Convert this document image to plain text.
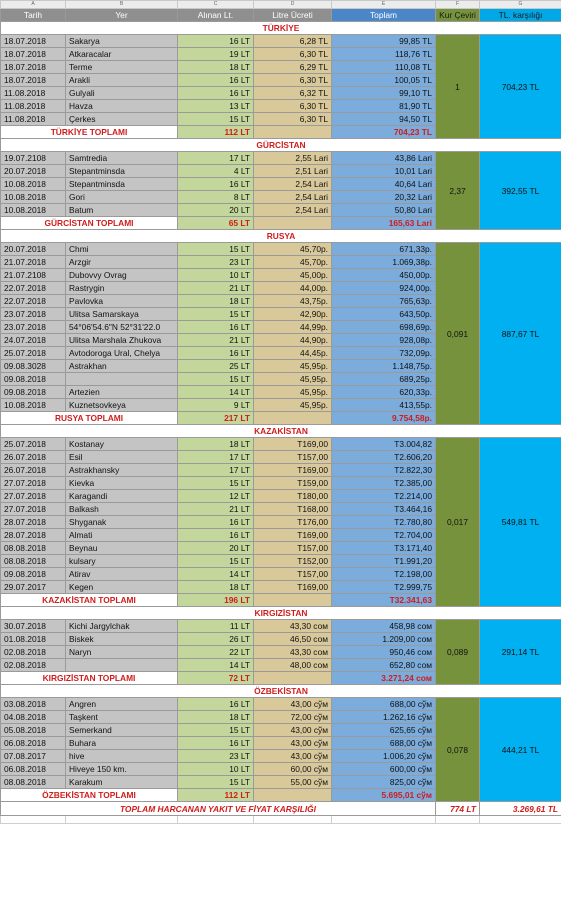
A	B	C	D	E	F	G
Tarih	Yer	Alınan Lt.	Litre Ücreti	Toplam	Kur Çeviri	TL. karşılığı
TÜRKİYE						
18.07.2018	Sakarya	16 LT	6,28 TL	99,85 TL	1	704,23 TL
18.07.2018	Atkaracalar	19 LT	6,30 TL	118,76 TL		
18.07.2018	Terme	18 LT	6,29 TL	110,08 TL		
18.07.2018	Arakli	16 LT	6,30 TL	100,05 TL		
11.08.2018	Gulyali	16 LT	6,32 TL	99,10 TL		
11.08.2018	Havza	13 LT	6,30 TL	81,90 TL		
11.08.2018	Çerkes	15 LT	6,30 TL	94,50 TL		
TÜRKİYE TOPLAMI		112 LT		704,23 TL		
GÜRCİSTAN						
19.07.2108	Samtredia	17 LT	2,55 Lari	43,86 Lari	2,37	392,55 TL
20.07.2018	Stepantminsda	4 LT	2,51 Lari	10,01 Lari		
10.08.2018	Stepantminsda	16 LT	2,54 Lari	40,64 Lari		
10.08.2018	Gori	8 LT	2,54 Lari	20,32 Lari		
10.08.2018	Batum	20 LT	2,54 Lari	50,80 Lari		
GÜRCİSTAN TOPLAMI		65 LT		165,63 Lari		
RUSYA						
20.07.2018	Chmi	15 LT	45,70р.	671,33р.	0,091	887,67 TL
21.07.2018	Arzgir	23 LT	45,70р.	1.069,38р.		
21.07.2108	Dubovvy Ovrag	10 LT	45,00р.	450,00р.		
22.07.2018	Rastrygin	21 LT	44,00р.	924,00р.		
22.07.2018	Pavlovka	18 LT	43,75р.	765,63р.		
23.07.2018	Ulitsa Samarskaya	15 LT	42,90р.	643,50р.		
23.07.2018	54°06'54.6"N 52°31'22.0	16 LT	44,99р.	698,69р.		
24.07.2018	Ulitsa Marshala Zhukova	21 LT	44,90р.	928,08р.		
25.07.2018	Avtodoroga Ural, Chelya	16 LT	44,45р.	732,09р.		
09.08.3028	Astrakhan	25 LT	45,95р.	1.148,75р.		
09.08.2018		15 LT	45,95р.	689,25р.		
09.08.2018	Artezien	14 LT	45,95р.	620,33р.		
10.08.2018	Kuznetsovkeya	9 LT	45,95р.	413,55р.		
RUSYA TOPLAMI		217 LT		9.754,58р.		
KAZAKİSTAN						
25.07.2018	Kostanay	18 LT	T169,00	T3.004,82	0,017	549,81 TL
26.07.2018	Esil	17 LT	T157,00	T2.606,20		
26.07.2018	Astrakhansky	17 LT	T169,00	T2.822,30		
27.07.2018	Kievka	15 LT	T159,00	T2.385,00		
27.07.2018	Karagandi	12 LT	T180,00	T2.214,00		
27.07.2018	Balkash	21 LT	T168,00	T3.464,16		
28.07.2018	Shyganak	16 LT	T176,00	T2.780,80		
28.07.2018	Almati	16 LT	T169,00	T2.704,00		
08.08.2018	Beynau	20 LT	T157,00	T3.171,40		
08.08.2018	kulsary	15 LT	T152,00	T1.991,20		
09.08.2018	Atirav	14 LT	T157,00	T2.198,00		
29.07.2017	Kegen	18 LT	T169,00	T2.999,75		
KAZAKİSTAN TOPLAMI		196 LT		T32.341,63		
KIRGIZİSTAN						
30.07.2018	Kichi Jargylchak	11 LT	43,30 сом	458,98 сом	0,089	291,14 TL
01.08.2018	Biskek	26 LT	46,50 сом	1.209,00 сом		
02.08.2018	Naryn	22 LT	43,30 сом	950,46 сом		
02.08.2018		14 LT	48,00 сом	652,80 сом		
KIRGIZİSTAN TOPLAMI		72 LT		3.271,24 сом		
ÖZBEKİSTAN						
03.08.2018	Angren	16 LT	43,00 сўм	688,00 сўм	0,078	444,21 TL
04.08.2018	Taşkent	18 LT	72,00 сўм	1.262,16 сўм		
05.08.2018	Semerkand	15 LT	43,00 сўм	625,65 сўм		
06.08.2018	Buhara	16 LT	43,00 сўм	688,00 сўм		
07.08.2017	hive	23 LT	43,00 сўм	1.006,20 сўм		
06.08.2018	Hiveye 150 km.	10 LT	60,00 сўм	600,00 сўм		
08.08.2018	Karakum	15 LT	55,00 сўм	825,00 сўм		
ÖZBEKİSTAN TOPLAMI		112 LT		5.695,01 сўм		
TOPLAM HARCANAN YAKIT VE FİYAT KARŞILIĞI					774 LT	3.269,61 TL
